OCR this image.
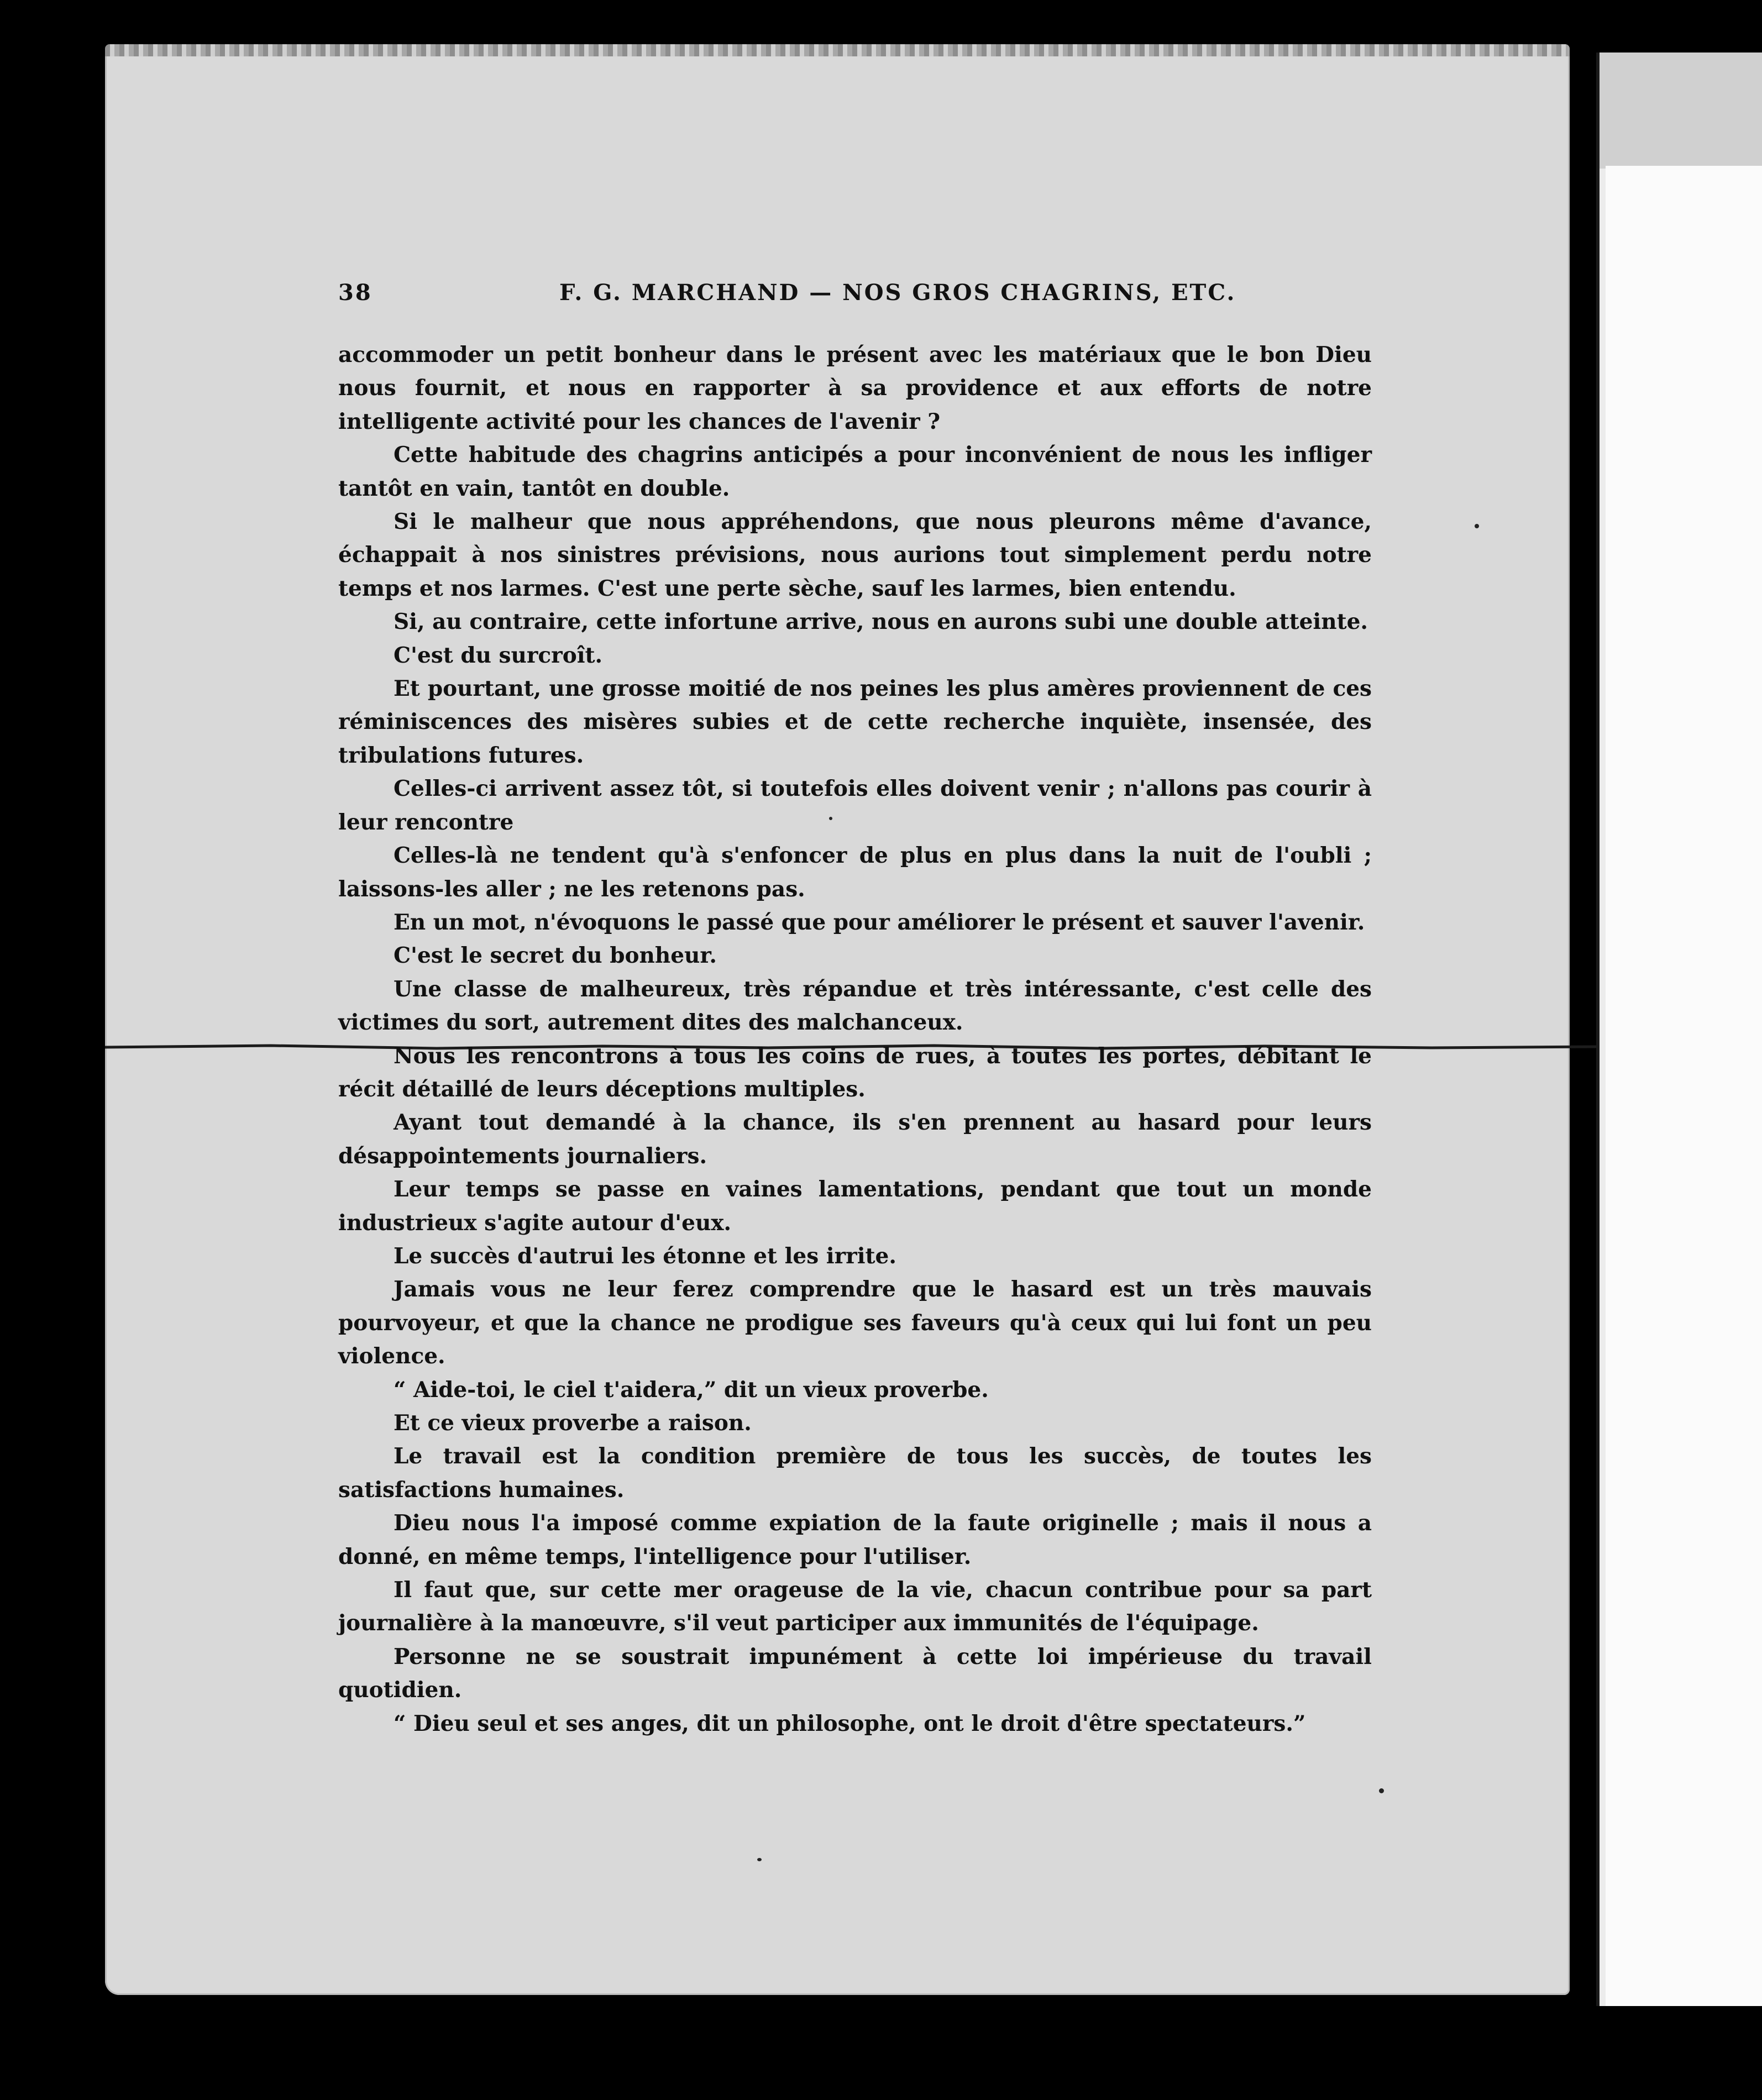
38	F. G. MARCHAND — NOS GROS CHAGRINS, ETC.

accommoder un petit bonheur dans le présent avec les matériaux que le bon Dieu nous fournit, et nous en rapporter à sa providence et aux efforts de notre intelligente activité pour les chances de l'avenir ?

Cette habitude des chagrins anticipés a pour inconvénient de nous les infliger tantôt en vain, tantôt en double.

Si le malheur que nous appréhendons, que nous pleurons même d'avance, échappait à nos sinistres prévisions, nous aurions tout simplement perdu notre temps et nos larmes. C'est une perte sèche, sauf les larmes, bien entendu.

Si, au contraire, cette infortune arrive, nous en aurons subi une double atteinte.

C'est du surcroît.

Et pourtant, une grosse moitié de nos peines les plus amères proviennent de ces réminiscences des misères subies et de cette recherche inquiète, insensée, des tribulations futures.

Celles-ci arrivent assez tôt, si toutefois elles doivent venir ; n'allons pas courir à leur rencontre

Celles-là ne tendent qu'à s'enfoncer de plus en plus dans la nuit de l'oubli ; laissons-les aller ; ne les retenons pas.

En un mot, n'évoquons le passé que pour améliorer le présent et sauver l'avenir.

C'est le secret du bonheur.

Une classe de malheureux, très répandue et très intéressante, c'est celle des victimes du sort, autrement dites des malchanceux.

Nous les rencontrons à tous les coins de rues, à toutes les portes, débitant le récit détaillé de leurs déceptions multiples.

Ayant tout demandé à la chance, ils s'en prennent au hasard pour leurs désappointements journaliers.

Leur temps se passe en vaines lamentations, pendant que tout un monde industrieux s'agite autour d'eux.

Le succès d'autrui les étonne et les irrite.

Jamais vous ne leur ferez comprendre que le hasard est un très mauvais pourvoyeur, et que la chance ne prodigue ses faveurs qu'à ceux qui lui font un peu violence.

“ Aide-toi, le ciel t'aidera,” dit un vieux proverbe.

Et ce vieux proverbe a raison.

Le travail est la condition première de tous les succès, de toutes les satisfactions humaines.

Dieu nous l'a imposé comme expiation de la faute originelle ; mais il nous a donné, en même temps, l'intelligence pour l'utiliser.

Il faut que, sur cette mer orageuse de la vie, chacun contribue pour sa part journalière à la manœuvre, s'il veut participer aux immunités de l'équipage.

Personne ne se soustrait impunément à cette loi impérieuse du travail quotidien.

“ Dieu seul et ses anges, dit un philosophe, ont le droit d'être spectateurs.”
